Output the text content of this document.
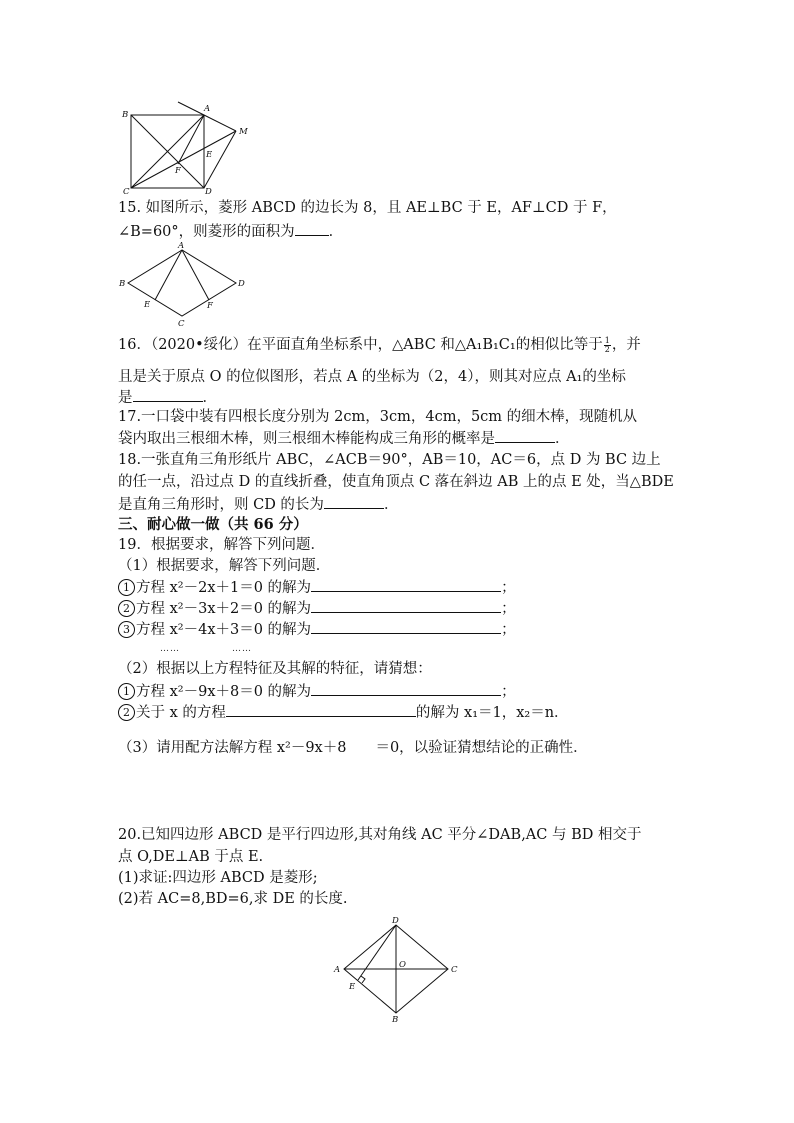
B
A
M
E
F
C	D
15. 如图所示，菱形 ABCD 的边长为 8，且 AE⊥BC 于 E，AF⊥CD 于 F，
∠B=60°，则菱形的面积为 ．
A
B	D
E	F
C
16．（2020•绥化）在平面直角坐标系中，△ABC 和△A₁B₁C₁的相似比等于 $\frac{1}{2}$ ，并
且是关于原点 O 的位似图形，若点 A 的坐标为（2，4），则其对应点 A₁的坐标
是	．
17.一口袋中装有四根长度分别为 2cm，3cm，4cm，5cm 的细木棒，现随机从
袋内取出三根细木棒，则三根细木棒能构成三角形的概率是	．
18.一张直角三角形纸片 ABC，∠ACB＝90°，AB＝10，AC＝6，点 D 为 BC 边上
的任一点，沿过点 D 的直线折叠，使直角顶点 C 落在斜边 AB 上的点 E 处，当△BDE
是直角三角形时，则 CD 的长为	．
三、耐心做一做（共 66 分）
19．根据要求，解答下列问题．
（1）根据要求，解答下列问题．
1 方程 x²－2x＋1＝0 的解为	；
2 方程 x²－3x＋2＝0 的解为	；
3 方程 x²－4x＋3＝0 的解为	；
……	……
（2）根据以上方程特征及其解的特征，请猜想：
1 方程 x²－9x＋8＝0 的解为	；
2 关于 x 的方程	的解为 x₁＝1，x₂＝n．
（3）请用配方法解方程 x²－9x＋8　　＝0，以验证猜想结论的正确性．
20.已知四边形 ABCD 是平行四边形,其对角线 AC 平分∠DAB,AC 与 BD 相交于
点 O,DE⊥AB 于点 E.
(1)求证:四边形 ABCD 是菱形;
(2)若 AC=8,BD=6,求 DE 的长度.
D
A	O	C
E
B
